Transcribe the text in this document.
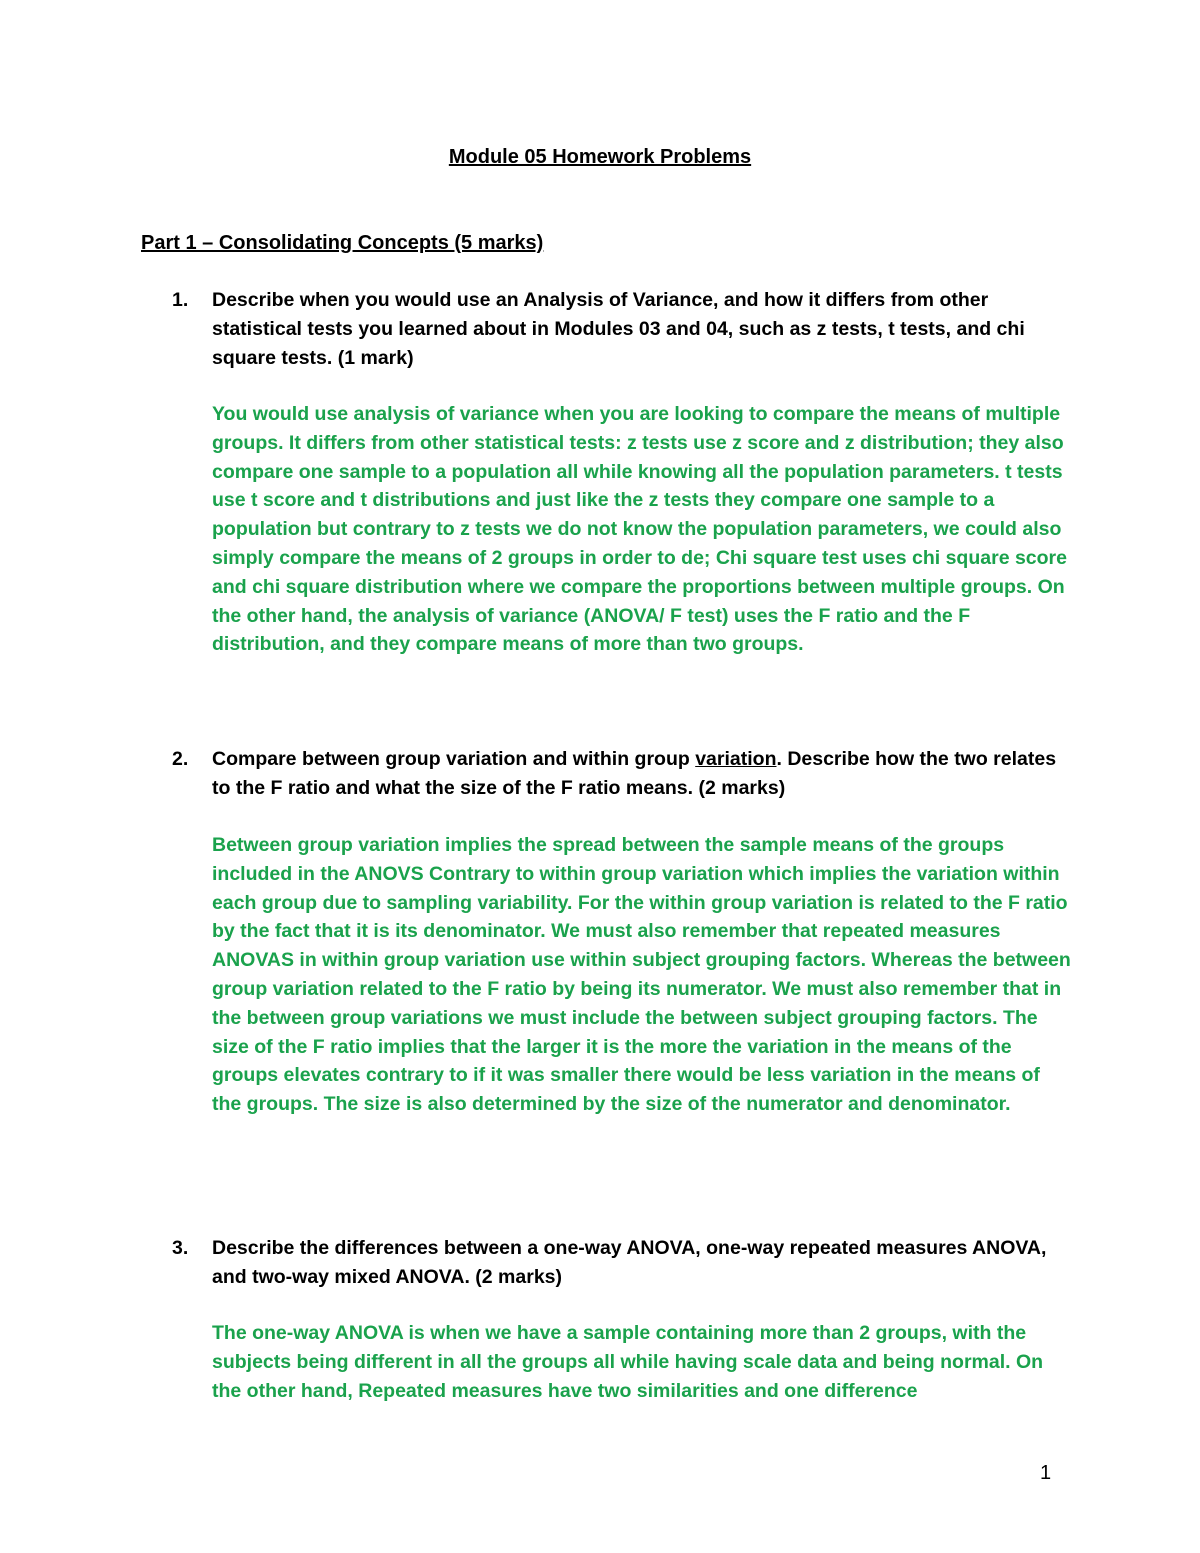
Module 05 Homework Problems
Part 1 – Consolidating Concepts (5 marks)
1. Describe when you would use an Analysis of Variance, and how it differs from other statistical tests you learned about in Modules 03 and 04, such as z tests, t tests, and chi square tests. (1 mark)
You would use analysis of variance when you are looking to compare the means of multiple groups. It differs from other statistical tests: z tests use z score and z distribution; they also compare one sample to a population all while knowing all the population parameters. t tests use t score and t distributions and just like the z tests they compare one sample to a population but contrary to z tests we do not know the population parameters, we could also simply compare the means of 2 groups in order to de; Chi square test uses chi square score and chi square distribution where we compare the proportions between multiple groups. On the other hand, the analysis of variance (ANOVA/ F test) uses the F ratio and the F distribution, and they compare means of more than two groups.
2. Compare between group variation and within group variation. Describe how the two relates to the F ratio and what the size of the F ratio means. (2 marks)
Between group variation implies the spread between the sample means of the groups included in the ANOVS Contrary to within group variation which implies the variation within each group due to sampling variability. For the within group variation is related to the F ratio by the fact that it is its denominator. We must also remember that repeated measures ANOVAS in within group variation use within subject grouping factors. Whereas the between group variation related to the F ratio by being its numerator. We must also remember that in the between group variations we must include the between subject grouping factors. The size of the F ratio implies that the larger it is the more the variation in the means of the groups elevates contrary to if it was smaller there would be less variation in the means of the groups. The size is also determined by the size of the numerator and denominator.
3. Describe the differences between a one-way ANOVA, one-way repeated measures ANOVA, and two-way mixed ANOVA. (2 marks)
The one-way ANOVA is when we have a sample containing more than 2 groups, with the subjects being different in all the groups all while having scale data and being normal. On the other hand, Repeated measures have two similarities and one difference
1
